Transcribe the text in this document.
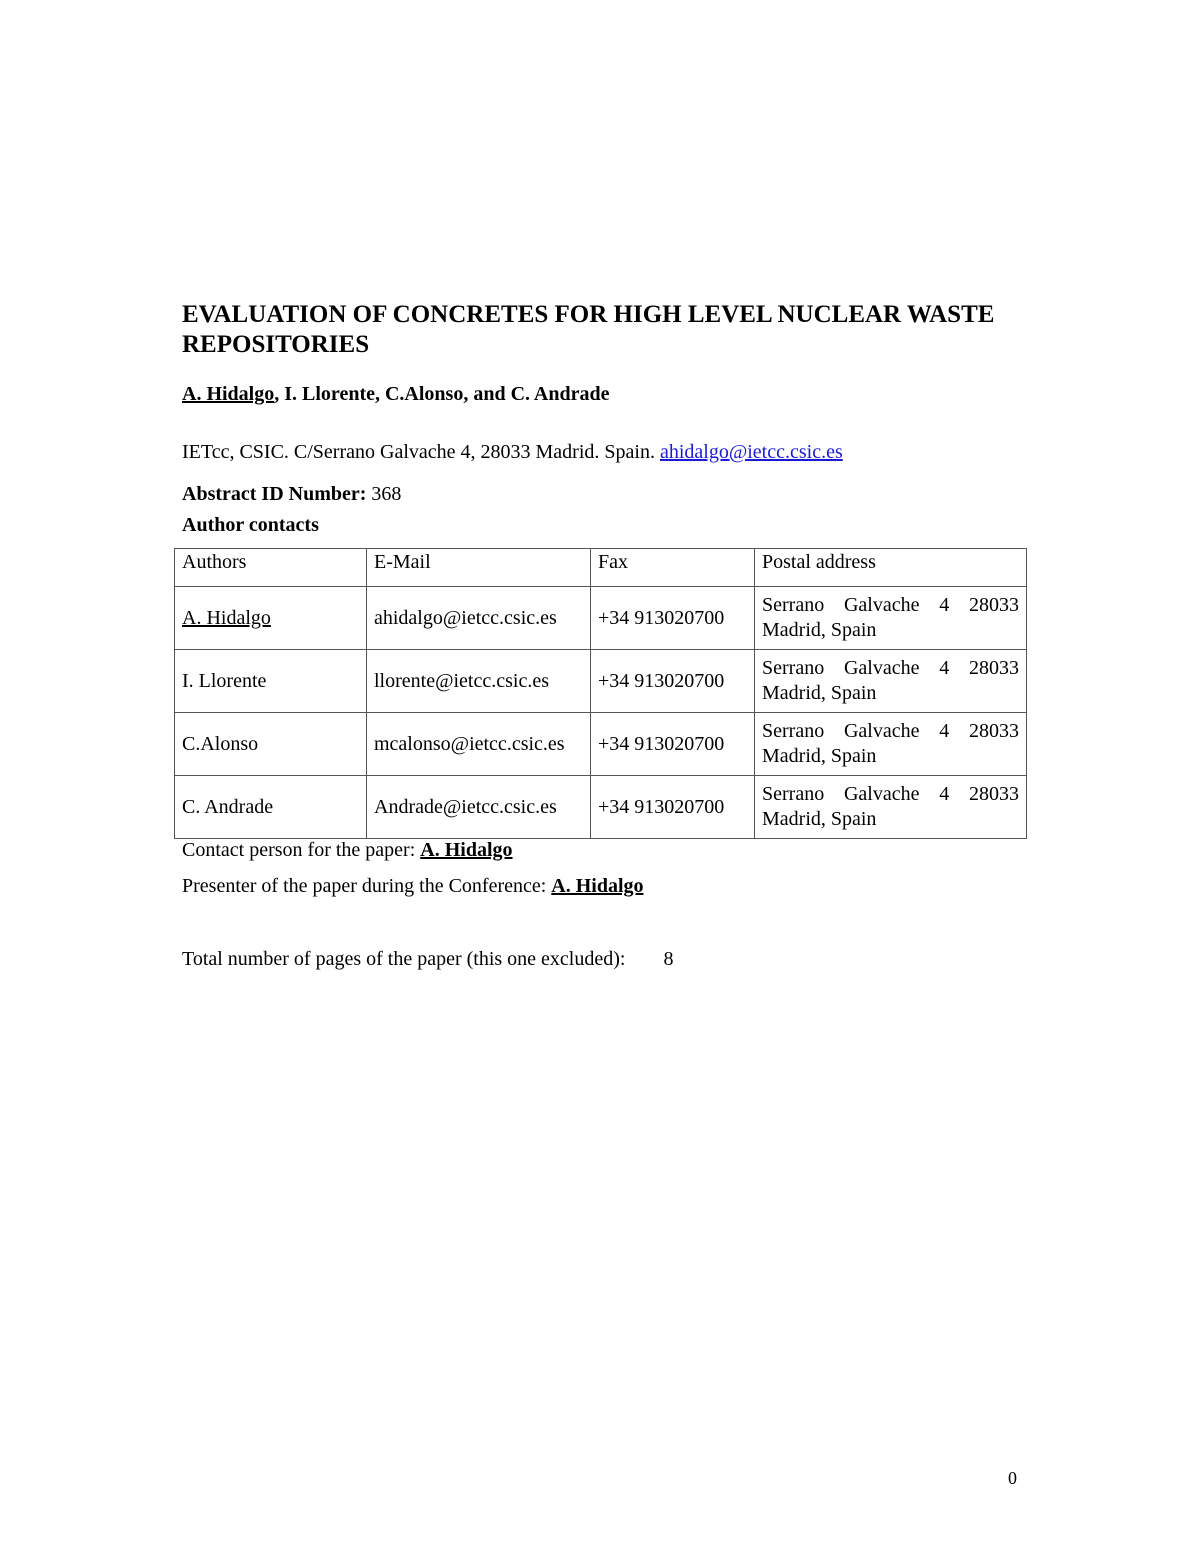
EVALUATION OF CONCRETES FOR HIGH LEVEL NUCLEAR WASTE REPOSITORIES

A. Hidalgo, I. Llorente, C.Alonso, and C. Andrade

IETcc, CSIC. C/Serrano Galvache 4, 28033 Madrid. Spain. ahidalgo@ietcc.csic.es

Abstract ID Number: 368

Author contacts

Authors	E-Mail	Fax	Postal address
A. Hidalgo	ahidalgo@ietcc.csic.es	+34 913020700	Serrano Galvache 4 28033
Madrid, Spain

I. Llorente	llorente@ietcc.csic.es	+34 913020700	Serrano Galvache 4 28033
Madrid, Spain

C.Alonso	mcalonso@ietcc.csic.es	+34 913020700	Serrano Galvache 4 28033
Madrid, Spain

C. Andrade	Andrade@ietcc.csic.es	+34 913020700	Serrano Galvache 4 28033
Madrid, Spain

Contact person for the paper: A. Hidalgo

Presenter of the paper during the Conference: A. Hidalgo

Total number of pages of the paper (this one excluded): 8

0
